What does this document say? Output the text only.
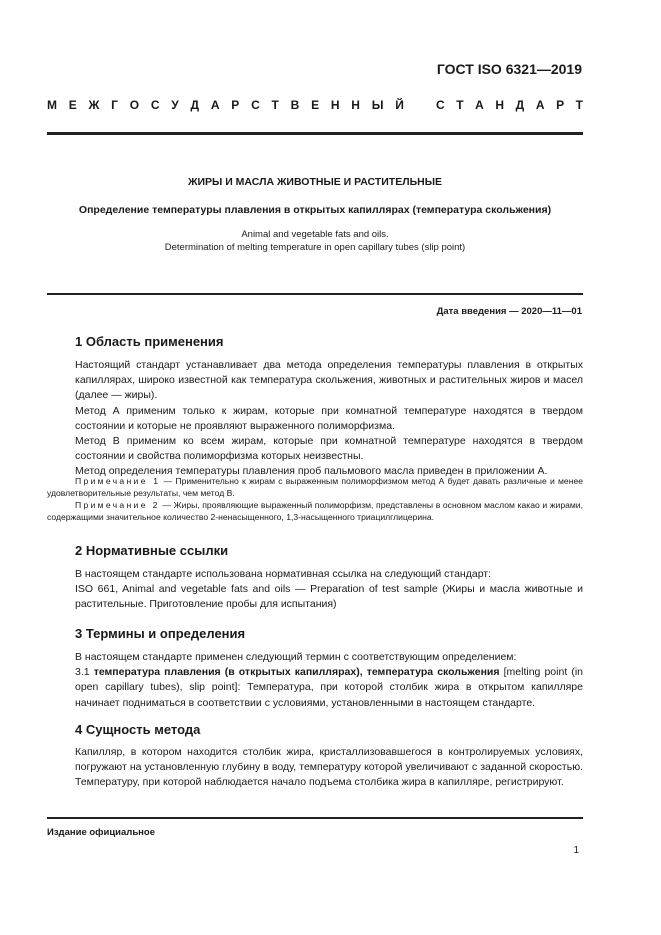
ГОСТ ISO 6321—2019
М Е Ж Г О С У Д А Р С Т В Е Н Н Ы Й	С Т А Н Д А Р Т
ЖИРЫ И МАСЛА ЖИВОТНЫЕ И РАСТИТЕЛЬНЫЕ
Определение температуры плавления в открытых капиллярах (температура скольжения)
Animal and vegetable fats and oils.
Determination of melting temperature in open capillary tubes (slip point)
Дата введения — 2020—11—01
1 Область применения

Настоящий стандарт устанавливает два метода определения температуры плавления в открытых капиллярах, широко известной как температура скольжения, животных и растительных жиров и масел (далее — жиры).

Метод А применим только к жирам, которые при комнатной температуре находятся в твердом состоянии и которые не проявляют выраженного полиморфизма.

Метод В применим ко всем жирам, которые при комнатной температуре находятся в твердом состоянии и свойства полиморфизма которых неизвестны.

Метод определения температуры плавления проб пальмового масла приведен в приложении А.

Примечание 1 — Применительно к жирам с выраженным полиморфизмом метод А будет давать различные и менее удовлетворительные результаты, чем метод В.
Примечание 2 — Жиры, проявляющие выраженный полиморфизм, представлены в основном маслом какао и жирами, содержащими значительное количество 2-ненасыщенного, 1,3-насыщенного триацилглицерина.
2 Нормативные ссылки

В настоящем стандарте использована нормативная ссылка на следующий стандарт:

ISO 661, Animal and vegetable fats and oils — Preparation of test sample (Жиры и масла животные и растительные. Приготовление пробы для испытания)

3 Термины и определения

В настоящем стандарте применен следующий термин с соответствующим определением:

3.1 температура плавления (в открытых капиллярах), температура скольжения [melting point (in open capillary tubes), slip point]: Температура, при которой столбик жира в открытом капилляре начинает подниматься в соответствии с условиями, установленными в настоящем стандарте.

4 Сущность метода

Капилляр, в котором находится столбик жира, кристаллизовавшегося в контролируемых условиях, погружают на установленную глубину в воду, температуру которой увеличивают с заданной скоростью. Температуру, при которой наблюдается начало подъема столбика жира в капилляре, регистрируют.

Издание официальное
1
